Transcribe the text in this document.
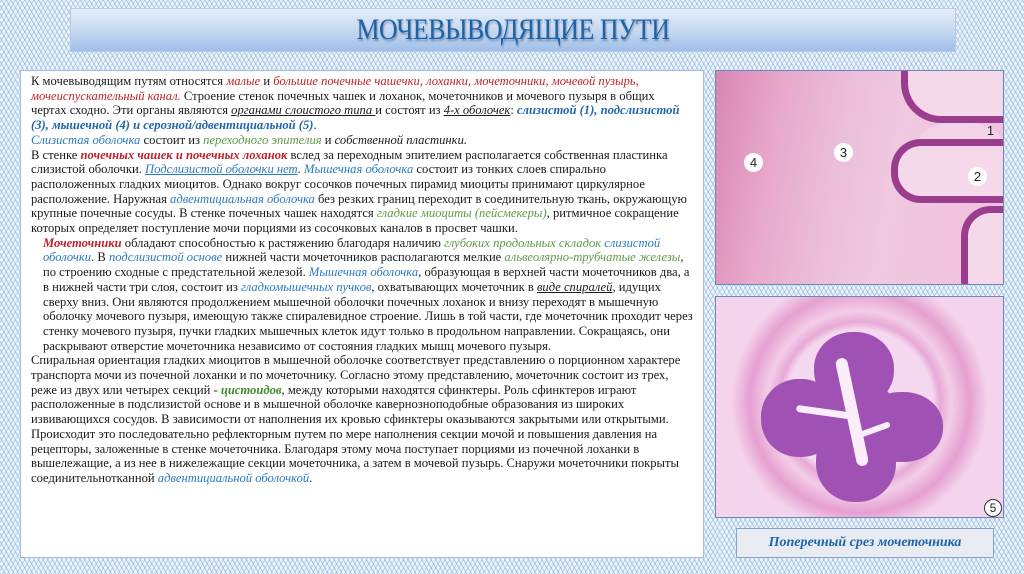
МОЧЕВЫВОДЯЩИЕ ПУТИ

К мочевыводящим путям относятся малые и большие почечные чашечки, лоханки, мочеточники, мочевой пузырь, мочеиспускательный канал. Строение стенок почечных чашек и лоханок, мочеточников и мочевого пузыря в общих чертах сходно. Эти органы являются органами слоистого типа и состоят из 4-х оболочек: слизистой (1), подслизистой (3), мышечной (4) и серозной/адвентициальной (5).

Слизистая оболочка состоит из переходного эпителия и собственной пластинки.

В стенке почечных чашек и почечных лоханок вслед за переходным эпителием располагается собственная пластинка слизистой оболочки. Подслизистой оболочки нет. Мышечная оболочка состоит из тонких слоев спирально расположенных гладких миоцитов. Однако вокруг сосочков почечных пирамид миоциты принимают циркулярное расположение. Наружная адвентициальная оболочка без резких границ переходит в соединительную ткань, окружающую крупные почечные сосуды. В стенке почечных чашек находятся гладкие миоциты (пейсмекеры), ритмичное сокращение которых определяет поступление мочи порциями из сосочковых каналов в просвет чашки.

Мочеточники обладают способностью к растяжению благодаря наличию глубоких продольных складок слизистой оболочки. В подслизистой основе нижней части мочеточников располагаются мелкие альвеолярно-трубчатые железы, по строению сходные с предстательной железой. Мышечная оболочка, образующая в верхней части мочеточников два, а в нижней части три слоя, состоит из гладкомышечных пучков, охватывающих мочеточник в виде спиралей, идущих сверху вниз. Они являются продолжением мышечной оболочки почечных лоханок и внизу переходят в мышечную оболочку мочевого пузыря, имеющую также спиралевидное строение. Лишь в той части, где мочеточник проходит через стенку мочевого пузыря, пучки гладких мышечных клеток идут только в продольном направлении. Сокращаясь, они раскрывают отверстие мочеточника независимо от состояния гладких мышц мочевого пузыря.

Спиральная ориентация гладких миоцитов в мышечной оболочке соответствует представлению о порционном характере транспорта мочи из почечной лоханки и по мочеточнику. Согласно этому представлению, мочеточник состоит из трех, реже из двух или четырех секций - цистоидов, между которыми находятся сфинктеры. Роль сфинктеров играют расположенные в подслизистой основе и в мышечной оболочке кавернозноподобные образования из широких извивающихся сосудов. В зависимости от наполнения их кровью сфинктеры оказываются закрытыми или открытыми.

Происходит это последовательно рефлекторным путем по мере наполнения секции мочой и повышения давления на рецепторы, заложенные в стенке мочеточника. Благодаря этому моча поступает порциями из почечной лоханки в вышележащие, а из нее в нижележащие секции мочеточника, а затем в мочевой пузырь. Снаружи мочеточники покрыты соединительнотканной адвентициальной оболочкой.

4
3
2
1
5
Поперечный срез мочеточника
